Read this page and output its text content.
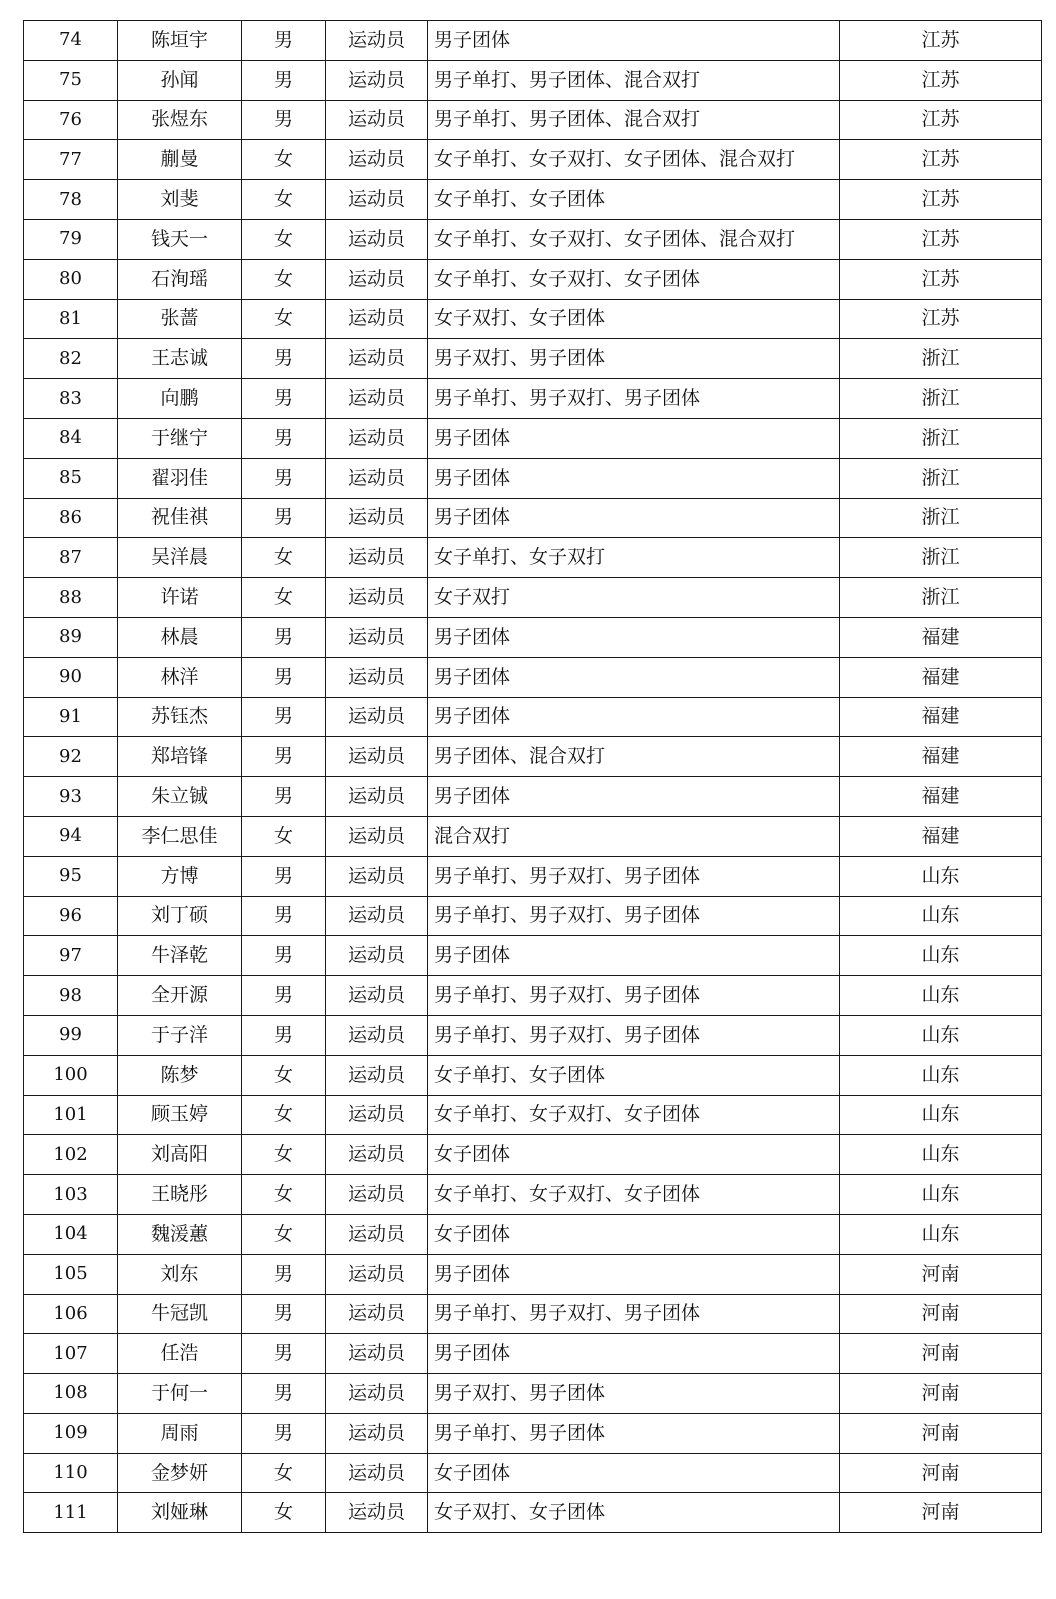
74	陈垣宇	男	运动员	男子团体	江苏
75	孙闻	男	运动员	男子单打、男子团体、混合双打	江苏
76	张煜东	男	运动员	男子单打、男子团体、混合双打	江苏
77	蒯曼	女	运动员	女子单打、女子双打、女子团体、混合双打	江苏
78	刘斐	女	运动员	女子单打、女子团体	江苏
79	钱天一	女	运动员	女子单打、女子双打、女子团体、混合双打	江苏
80	石洵瑶	女	运动员	女子单打、女子双打、女子团体	江苏
81	张蔷	女	运动员	女子双打、女子团体	江苏
82	王志诚	男	运动员	男子双打、男子团体	浙江
83	向鹏	男	运动员	男子单打、男子双打、男子团体	浙江
84	于继宁	男	运动员	男子团体	浙江
85	翟羽佳	男	运动员	男子团体	浙江
86	祝佳祺	男	运动员	男子团体	浙江
87	吴洋晨	女	运动员	女子单打、女子双打	浙江
88	许诺	女	运动员	女子双打	浙江
89	林晨	男	运动员	男子团体	福建
90	林洋	男	运动员	男子团体	福建
91	苏钰杰	男	运动员	男子团体	福建
92	郑培锋	男	运动员	男子团体、混合双打	福建
93	朱立铖	男	运动员	男子团体	福建
94	李仁思佳	女	运动员	混合双打	福建
95	方博	男	运动员	男子单打、男子双打、男子团体	山东
96	刘丁硕	男	运动员	男子单打、男子双打、男子团体	山东
97	牛泽乾	男	运动员	男子团体	山东
98	全开源	男	运动员	男子单打、男子双打、男子团体	山东
99	于子洋	男	运动员	男子单打、男子双打、男子团体	山东
100	陈梦	女	运动员	女子单打、女子团体	山东
101	顾玉婷	女	运动员	女子单打、女子双打、女子团体	山东
102	刘高阳	女	运动员	女子团体	山东
103	王晓彤	女	运动员	女子单打、女子双打、女子团体	山东
104	魏湲蕙	女	运动员	女子团体	山东
105	刘东	男	运动员	男子团体	河南
106	牛冠凯	男	运动员	男子单打、男子双打、男子团体	河南
107	任浩	男	运动员	男子团体	河南
108	于何一	男	运动员	男子双打、男子团体	河南
109	周雨	男	运动员	男子单打、男子团体	河南
110	金梦妍	女	运动员	女子团体	河南
111	刘娅琳	女	运动员	女子双打、女子团体	河南
